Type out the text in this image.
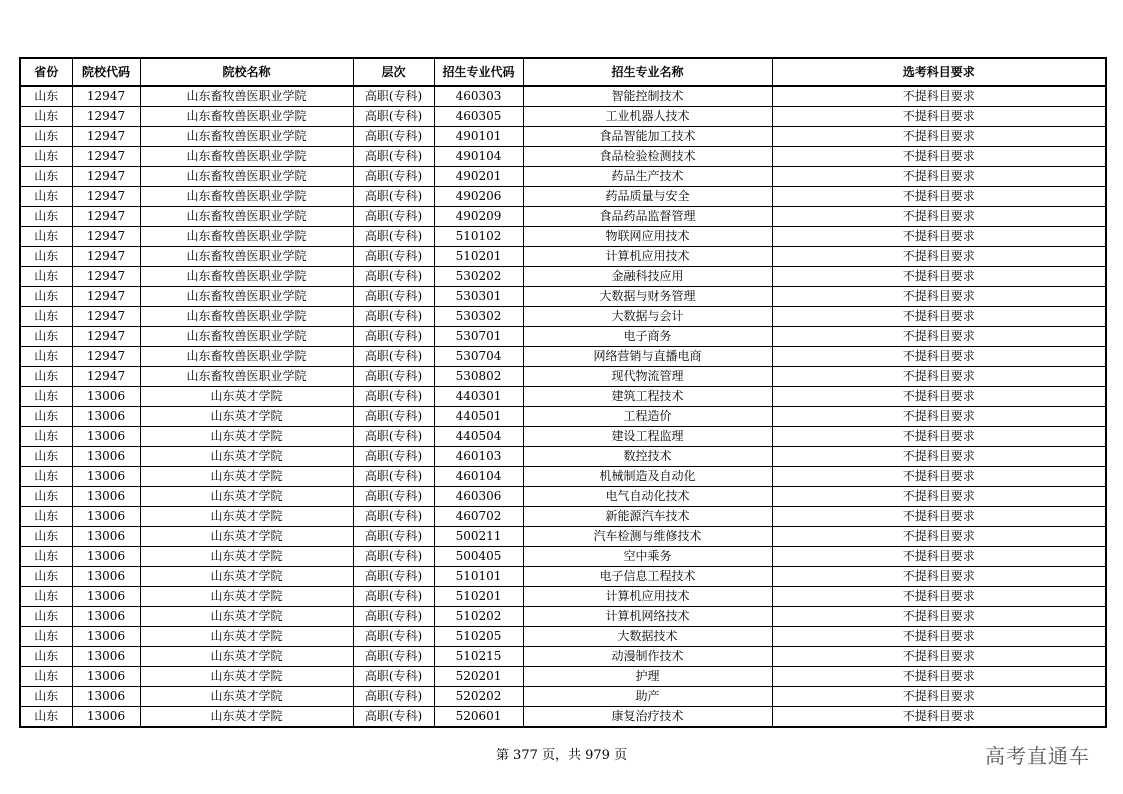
省份	院校代码	院校名称	层次	招生专业代码	招生专业名称	选考科目要求
山东	12947	山东畜牧兽医职业学院	高职(专科)	460303	智能控制技术	不提科目要求
山东	12947	山东畜牧兽医职业学院	高职(专科)	460305	工业机器人技术	不提科目要求
山东	12947	山东畜牧兽医职业学院	高职(专科)	490101	食品智能加工技术	不提科目要求
山东	12947	山东畜牧兽医职业学院	高职(专科)	490104	食品检验检测技术	不提科目要求
山东	12947	山东畜牧兽医职业学院	高职(专科)	490201	药品生产技术	不提科目要求
山东	12947	山东畜牧兽医职业学院	高职(专科)	490206	药品质量与安全	不提科目要求
山东	12947	山东畜牧兽医职业学院	高职(专科)	490209	食品药品监督管理	不提科目要求
山东	12947	山东畜牧兽医职业学院	高职(专科)	510102	物联网应用技术	不提科目要求
山东	12947	山东畜牧兽医职业学院	高职(专科)	510201	计算机应用技术	不提科目要求
山东	12947	山东畜牧兽医职业学院	高职(专科)	530202	金融科技应用	不提科目要求
山东	12947	山东畜牧兽医职业学院	高职(专科)	530301	大数据与财务管理	不提科目要求
山东	12947	山东畜牧兽医职业学院	高职(专科)	530302	大数据与会计	不提科目要求
山东	12947	山东畜牧兽医职业学院	高职(专科)	530701	电子商务	不提科目要求
山东	12947	山东畜牧兽医职业学院	高职(专科)	530704	网络营销与直播电商	不提科目要求
山东	12947	山东畜牧兽医职业学院	高职(专科)	530802	现代物流管理	不提科目要求
山东	13006	山东英才学院	高职(专科)	440301	建筑工程技术	不提科目要求
山东	13006	山东英才学院	高职(专科)	440501	工程造价	不提科目要求
山东	13006	山东英才学院	高职(专科)	440504	建设工程监理	不提科目要求
山东	13006	山东英才学院	高职(专科)	460103	数控技术	不提科目要求
山东	13006	山东英才学院	高职(专科)	460104	机械制造及自动化	不提科目要求
山东	13006	山东英才学院	高职(专科)	460306	电气自动化技术	不提科目要求
山东	13006	山东英才学院	高职(专科)	460702	新能源汽车技术	不提科目要求
山东	13006	山东英才学院	高职(专科)	500211	汽车检测与维修技术	不提科目要求
山东	13006	山东英才学院	高职(专科)	500405	空中乘务	不提科目要求
山东	13006	山东英才学院	高职(专科)	510101	电子信息工程技术	不提科目要求
山东	13006	山东英才学院	高职(专科)	510201	计算机应用技术	不提科目要求
山东	13006	山东英才学院	高职(专科)	510202	计算机网络技术	不提科目要求
山东	13006	山东英才学院	高职(专科)	510205	大数据技术	不提科目要求
山东	13006	山东英才学院	高职(专科)	510215	动漫制作技术	不提科目要求
山东	13006	山东英才学院	高职(专科)	520201	护理	不提科目要求
山东	13006	山东英才学院	高职(专科)	520202	助产	不提科目要求
山东	13006	山东英才学院	高职(专科)	520601	康复治疗技术	不提科目要求
第 377 页，共 979 页	高考直通车
